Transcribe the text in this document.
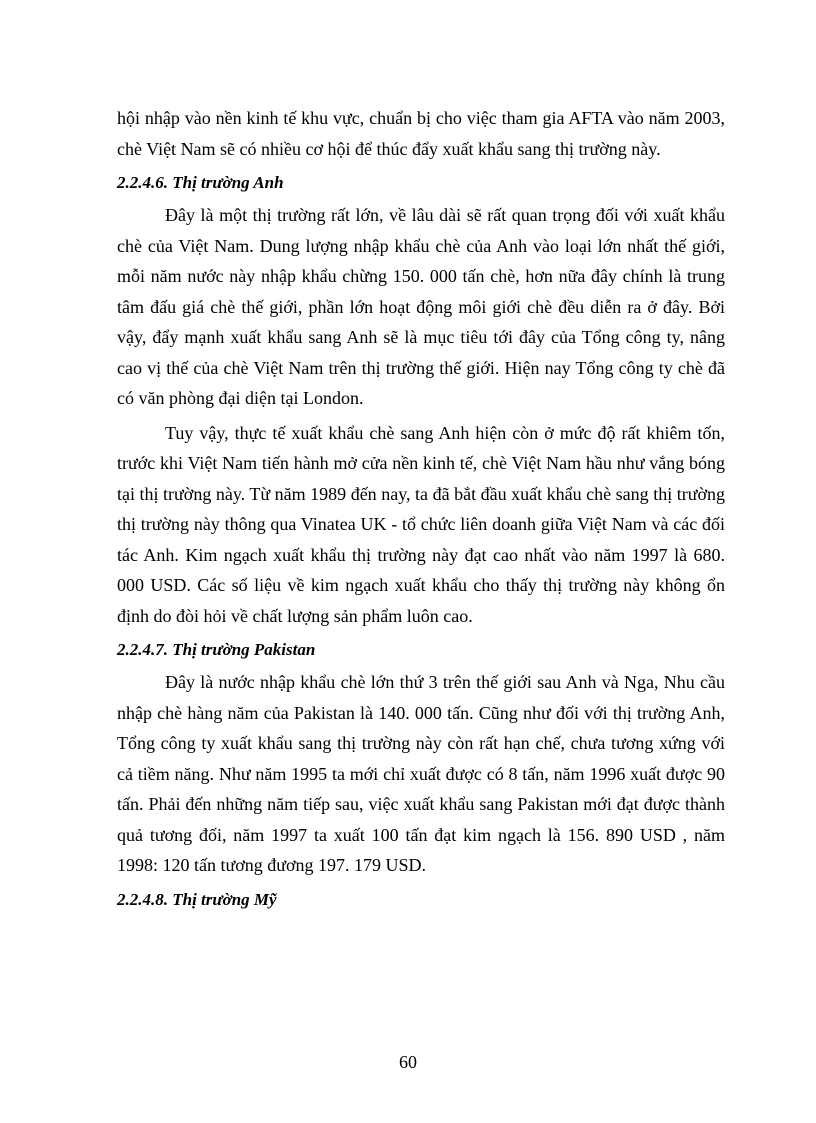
hội nhập vào nền kinh tế khu vực, chuẩn bị cho việc tham gia AFTA vào năm 2003, chè Việt Nam sẽ có nhiều cơ hội để thúc đẩy xuất khẩu sang thị trường này.

2.2.4.6. Thị trường Anh

Đây là một thị trường rất lớn, về lâu dài sẽ rất quan trọng đối với xuất khẩu chè của Việt Nam. Dung lượng nhập khẩu chè của Anh vào loại lớn nhất thế giới, mỗi năm nước này nhập khẩu chừng 150. 000 tấn chè, hơn nữa đây chính là trung tâm đấu giá chè thế giới, phần lớn hoạt động môi giới chè đều diễn ra ở đây. Bởi vậy, đẩy mạnh xuất khẩu sang Anh sẽ là mục tiêu tới đây của Tổng công ty, nâng cao vị thế của chè Việt Nam trên thị trường thế giới. Hiện nay Tổng công ty chè đã có văn phòng đại diện tại London.

Tuy vậy, thực tế xuất khẩu chè sang Anh hiện còn ở mức độ rất khiêm tốn, trước khi Việt Nam tiến hành mở cửa nền kinh tế, chè Việt Nam hầu như vắng bóng tại thị trường này. Từ năm 1989 đến nay, ta đã bắt đầu xuất khẩu chè sang thị trường thị trường này thông qua Vinatea UK - tổ chức liên doanh giữa Việt Nam và các đối tác Anh. Kim ngạch xuất khẩu thị trường này đạt cao nhất vào năm 1997 là 680. 000 USD. Các số liệu về kim ngạch xuất khẩu cho thấy thị trường này không ổn định do đòi hỏi về chất lượng sản phẩm luôn cao.

2.2.4.7. Thị trường Pakistan

Đây là nước nhập khẩu chè lớn thứ 3 trên thế giới sau Anh và Nga, Nhu cầu nhập chè hàng năm của Pakistan là 140. 000 tấn. Cũng như đối với thị trường Anh, Tổng công ty xuất khẩu sang thị trường này còn rất hạn chế, chưa tương xứng với cả tiềm năng. Như năm 1995 ta mới chỉ xuất được có 8 tấn, năm 1996 xuất được 90 tấn. Phải đến những năm tiếp sau, việc xuất khẩu sang Pakistan mới đạt được thành quả tương đối, năm 1997 ta xuất 100 tấn đạt kim ngạch là 156. 890 USD , năm 1998: 120 tấn tương đương 197. 179 USD.

2.2.4.8. Thị trường Mỹ
60
